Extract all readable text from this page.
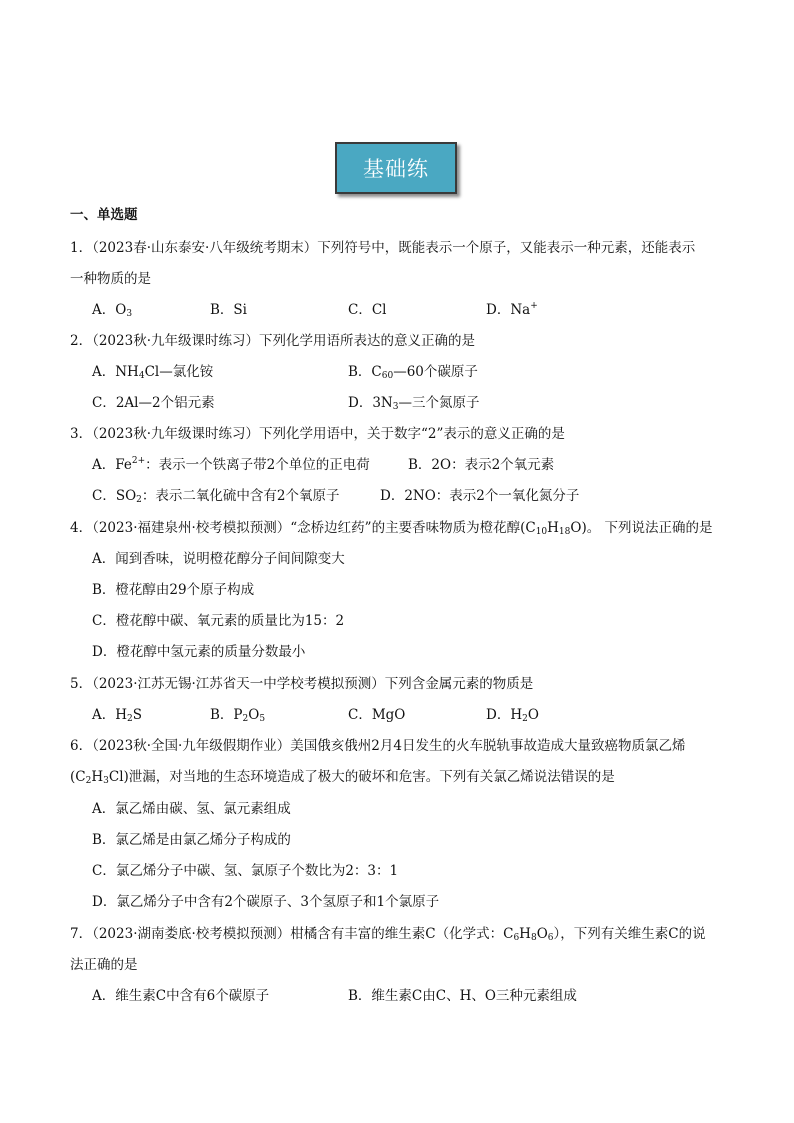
基础练
一、单选题
1．（2023春·山东泰安·八年级统考期末）下列符号中，既能表示一个原子，又能表示一种元素，还能表示
一种物质的是
A．$O_3$	B．Si	C．Cl	D．Na+
2．（2023秋·九年级课时练习）下列化学用语所表达的意义正确的是
A．$NH_4Cl—$氯化铵	B．$C_{60}—60$个碳原子
C．2Al—2个铝元素	D．$3N_3—$三个氮原子
3．（2023秋·九年级课时练习）下列化学用语中，关于数字“2”表示的意义正确的是
A．$Fe^{2+}$：表示一个铁离子带2个单位的正电荷	B．2O：表示2个氧元素
C．$SO_2$：表示二氧化硫中含有2个氧原子	D．2NO：表示2个一氧化氮分子
4．（2023·福建泉州·校考模拟预测）“念桥边红药”的主要香味物质为橙花醇$(C_{10}H_{18}O)$。 下列说法正确的是
A．闻到香味，说明橙花醇分子间间隙变大
B．橙花醇由29个原子构成
C．橙花醇中碳、氧元素的质量比为15：2
D．橙花醇中氢元素的质量分数最小
5．（2023·江苏无锡·江苏省天一中学校考模拟预测）下列含金属元素的物质是
A．$H_2S$	B．$P_2O_5$	C．MgO	D．$H_2O$
6．（2023秋·全国·九年级假期作业）美国俄亥俄州2月4日发生的火车脱轨事故造成大量致癌物质氯乙烯
$(C_2H_3Cl)$泄漏，对当地的生态环境造成了极大的破坏和危害。下列有关氯乙烯说法错误的是
A．氯乙烯由碳、氢、氯元素组成
B．氯乙烯是由氯乙烯分子构成的
C．氯乙烯分子中碳、氢、氯原子个数比为2：3：1
D．氯乙烯分子中含有2个碳原子、3个氢原子和1个氯原子
7．（2023·湖南娄底·校考模拟预测）柑橘含有丰富的维生素C（化学式：$C_6H_8O_6$），下列有关维生素C的说
法正确的是
A．维生素C中含有6个碳原子	B．维生素C由C、H、O三种元素组成
